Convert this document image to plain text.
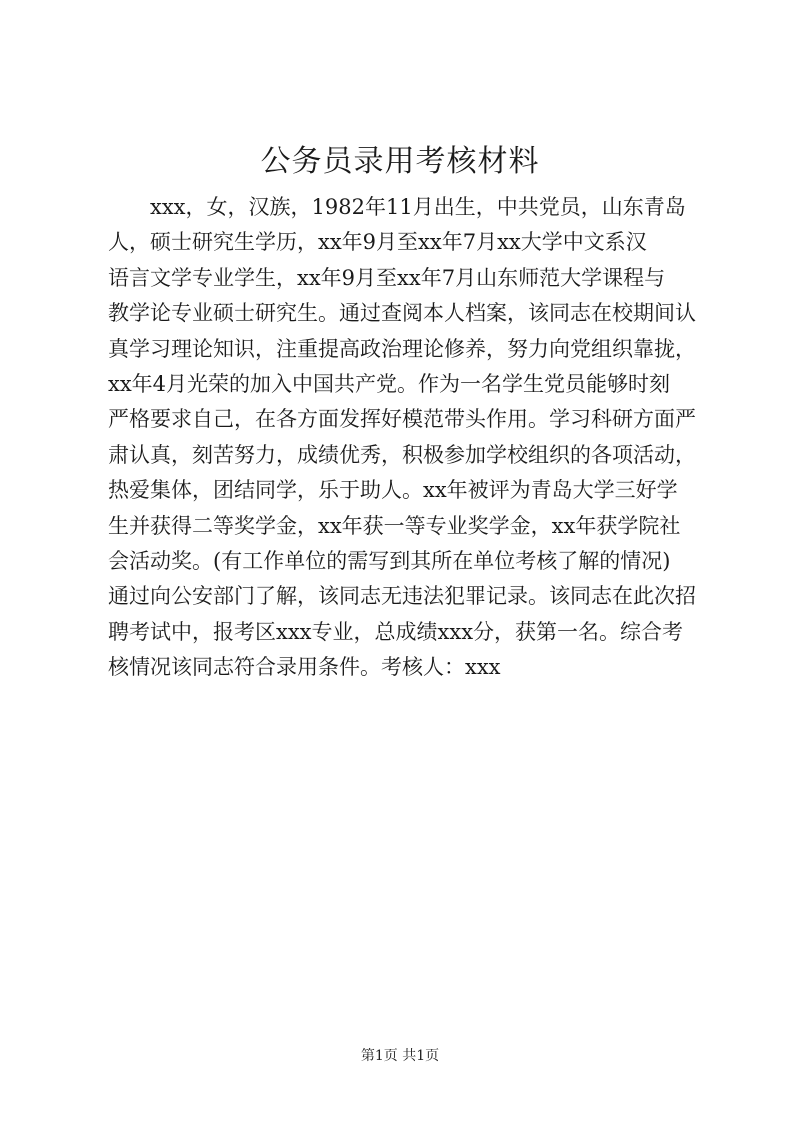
公务员录用考核材料
　　xxx，女，汉族，1982年11月出生，中共党员，山东青岛
人，硕士研究生学历，xx年9月至xx年7月xx大学中文系汉
语言文学专业学生，xx年9月至xx年7月山东师范大学课程与
教学论专业硕士研究生。通过查阅本人档案，该同志在校期间认
真学习理论知识，注重提高政治理论修养，努力向党组织靠拢，
xx年4月光荣的加入中国共产党。作为一名学生党员能够时刻
严格要求自己，在各方面发挥好模范带头作用。学习科研方面严
肃认真，刻苦努力，成绩优秀，积极参加学校组织的各项活动，
热爱集体，团结同学，乐于助人。xx年被评为青岛大学三好学
生并获得二等奖学金，xx年获一等专业奖学金，xx年获学院社
会活动奖。(有工作单位的需写到其所在单位考核了解的情况)
通过向公安部门了解，该同志无违法犯罪记录。该同志在此次招
聘考试中，报考区xxx专业，总成绩xxx分，获第一名。综合考
核情况该同志符合录用条件。考核人：xxx
第1页 共1页
